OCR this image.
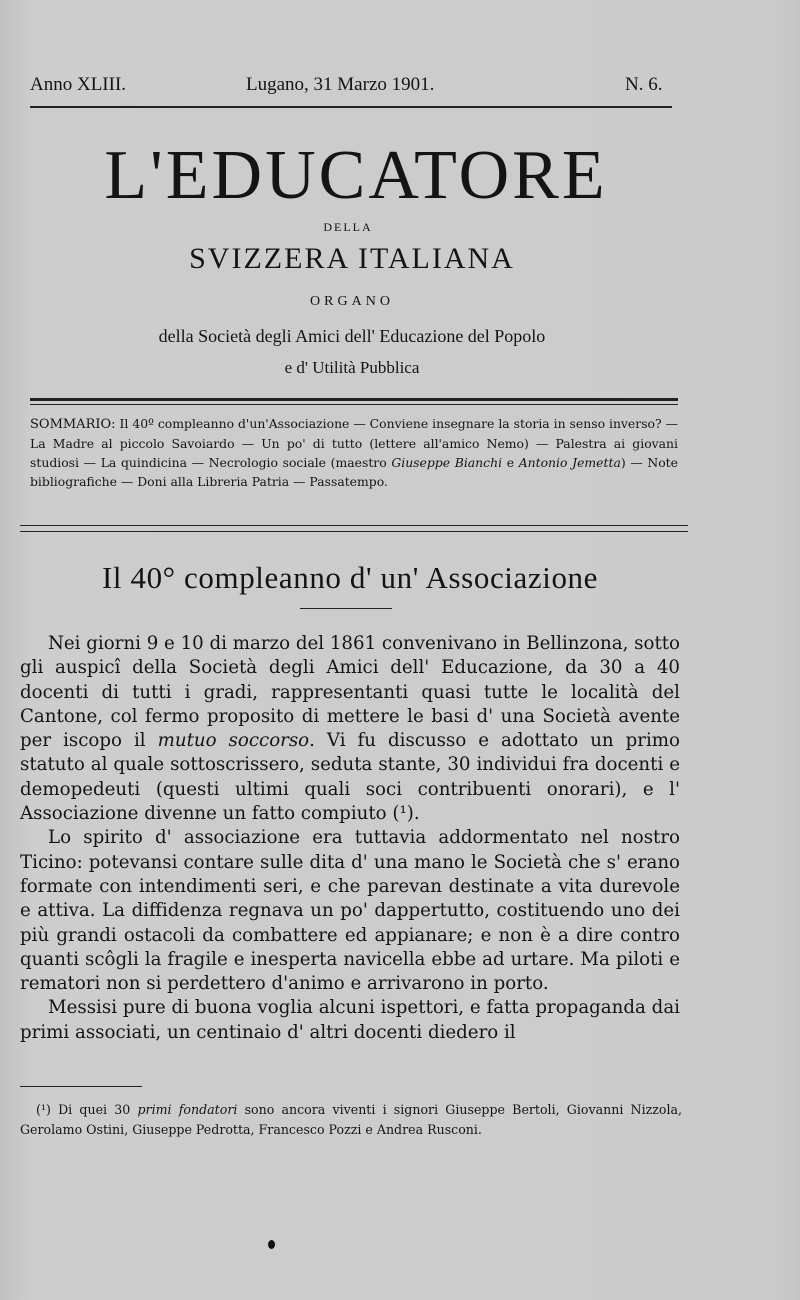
Anno XLIII.	Lugano, 31 Marzo 1901.	N. 6.
L'EDUCATORE
DELLA
SVIZZERA ITALIANA
ORGANO
della Società degli Amici dell' Educazione del Popolo
e d' Utilità Pubblica
SOMMARIO: Il 40º compleanno d'un'Associazione — Conviene insegnare la storia in senso inverso? — La Madre al piccolo Savoiardo — Un po' di tutto (lettere all'amico Nemo) — Palestra ai giovani studiosi — La quindicina — Necrologio sociale (maestro Giuseppe Bianchi e Antonio Jemetta) — Note bibliografiche — Doni alla Libreria Patria — Passatempo.
Il 40° compleanno d' un' Associazione

Nei giorni 9 e 10 di marzo del 1861 convenivano in Bellinzona, sotto gli auspicî della Società degli Amici dell' Educazione, da 30 a 40 docenti di tutti i gradi, rappresentanti quasi tutte le località del Cantone, col fermo proposito di mettere le basi d' una Società avente per iscopo il mutuo soccorso. Vi fu discusso e adottato un primo statuto al quale sottoscrissero, seduta stante, 30 individui fra docenti e demopedeuti (questi ultimi quali soci contribuenti onorari), e l' Associazione divenne un fatto compiuto (¹).

Lo spirito d' associazione era tuttavia addormentato nel nostro Ticino: potevansi contare sulle dita d' una mano le Società che s' erano formate con intendimenti seri, e che parevan destinate a vita durevole e attiva. La diffidenza regnava un po' dappertutto, costituendo uno dei più grandi ostacoli da combattere ed appianare; e non è a dire contro quanti scôgli la fragile e inesperta navicella ebbe ad urtare. Ma piloti e rematori non si perdettero d'animo e arrivarono in porto.

Messisi pure di buona voglia alcuni ispettori, e fatta propaganda dai primi associati, un centinaio d' altri docenti diedero il

(¹) Di quei 30 primi fondatori sono ancora viventi i signori Giuseppe Bertoli, Giovanni Nizzola, Gerolamo Ostini, Giuseppe Pedrotta, Francesco Pozzi e Andrea Rusconi.
